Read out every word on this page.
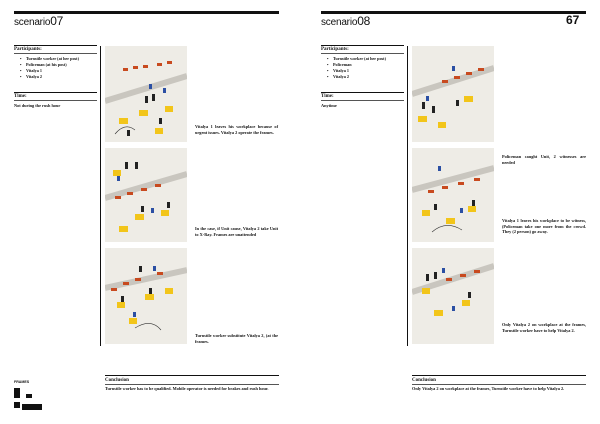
scenario07
Participants:
• Turnstile worker (at her post)
• Policeman (at his post)
• Vitalya 1
• Vitalya 2
Time:
Not during the rush hour
Vitalya 1 leaves his workplace because of urgent issues. Vitalya 2 operate the frames.
In the case, if Unit cause, Vitalya 2 take Unit to X-Ray. Frames are unattended
Turnstile worker substitute Vitalya 2, (at the frames.
Conclusion
Turnstile worker has to be qualified. Mobile operator is needed for brakes and rush hour.
FRAMES
scenario08	67
Participants:
• Turnstile worker (at her post)
• Policeman
• Vitalya 1
• Vitalya 2
Time:
Anytime
Policeman caught Unit, 2 witnesses are needed
Vitalya 1 leaves his workplace to be witness, (Policeman take one more from the crowd. They (2 person) go away.
Only Vitalya 2 on workplace at the frames, Turnstile worker have to help Vitalya 2.
Conclusion
Only Vitalya 2 on workplace at the frames, Turnstile worker have to help Vitalya 2.
